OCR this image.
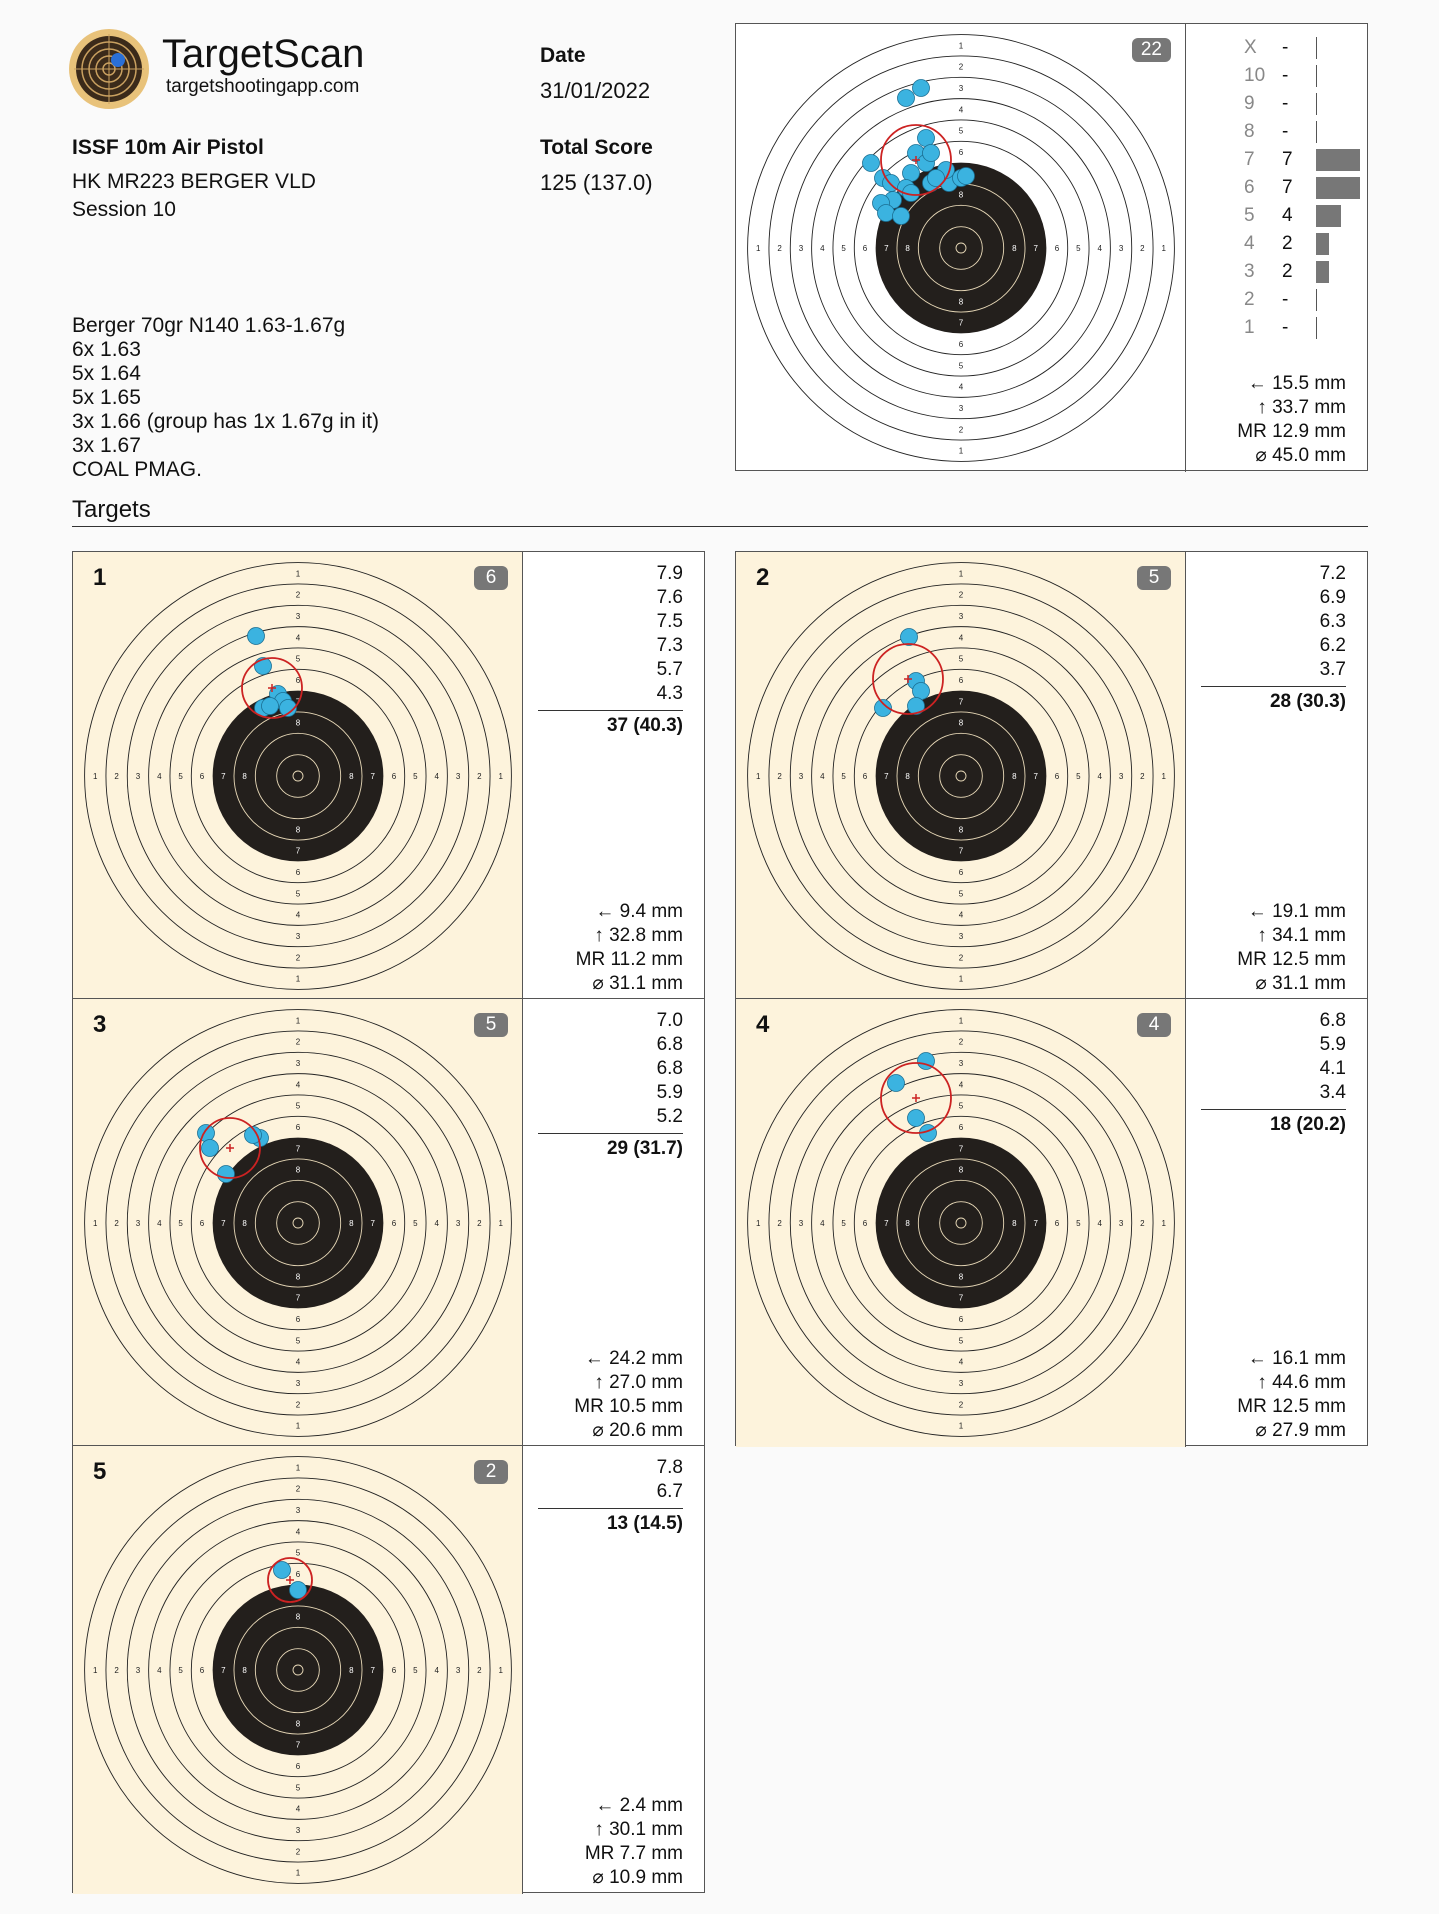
TargetScan
targetshootingapp.com
Date
31/01/2022
Total Score
125 (137.0)
ISSF 10m Air Pistol
HK MR223 BERGER VLD
Session 10
Berger 70gr N140 1.63-1.67g
6x 1.63
5x 1.64
5x 1.65
3x 1.66 (group has 1x 1.67g in it)
3x 1.67
COAL PMAG.
Targets
1
1
1	1
2
2
2	2
3
3
3	3
4
4
4	4
5
5
5	5
6
6
6	6
7
7	7
8
8
8	8
22	X -
10 -
9 -
8 -
7 7
6 7
5 4
4 2
3 2
2 -
1 -
← 15.5 mm
↑ 33.7 mm
MR 12.9 mm
⌀ 45.0 mm
1
1
1	1
2
2
2	2
3
3
3	3
4
4
4	4
5
5
5	5
6
6
6	6
7
7
7	7
8
8
8	8
1	6	7.9
7.6
7.5
7.3
5.7
4.3
37 (40.3)
← 9.4 mm
↑ 32.8 mm
MR 11.2 mm
⌀ 31.1 mm
1
1
1	1
2
2
2	2
3
3
3	3
4
4
4	4
5
5
5	5
6
6
6	6
7
7
7	7
8
8
8	8
2	5	7.2
6.9
6.3
6.2
3.7
28 (30.3)
← 19.1 mm
↑ 34.1 mm
MR 12.5 mm
⌀ 31.1 mm
1
1
1	1
2
2
2	2
3
3
3	3
4
4
4	4
5
5
5	5
6
6
6	6
7
7
7	7
8
8
8	8
3	5	7.0
6.8
6.8
5.9
5.2
29 (31.7)
← 24.2 mm
↑ 27.0 mm
MR 10.5 mm
⌀ 20.6 mm
1
1
1	1
2
2
2	2
3
3
3	3
4
4
4	4
5
5
5	5
6
6
6	6
7
7
7	7
8
8
8	8
4	4	6.8
5.9
4.1
3.4
18 (20.2)
← 16.1 mm
↑ 44.6 mm
MR 12.5 mm
⌀ 27.9 mm
1
1
1	1
2
2
2	2
3
3
3	3
4
4
4	4
5
5
5	5
6
6
6	6
7
7	7
8
8
8	8
5	2	7.8
6.7
13 (14.5)
← 2.4 mm
↑ 30.1 mm
MR 7.7 mm
⌀ 10.9 mm
